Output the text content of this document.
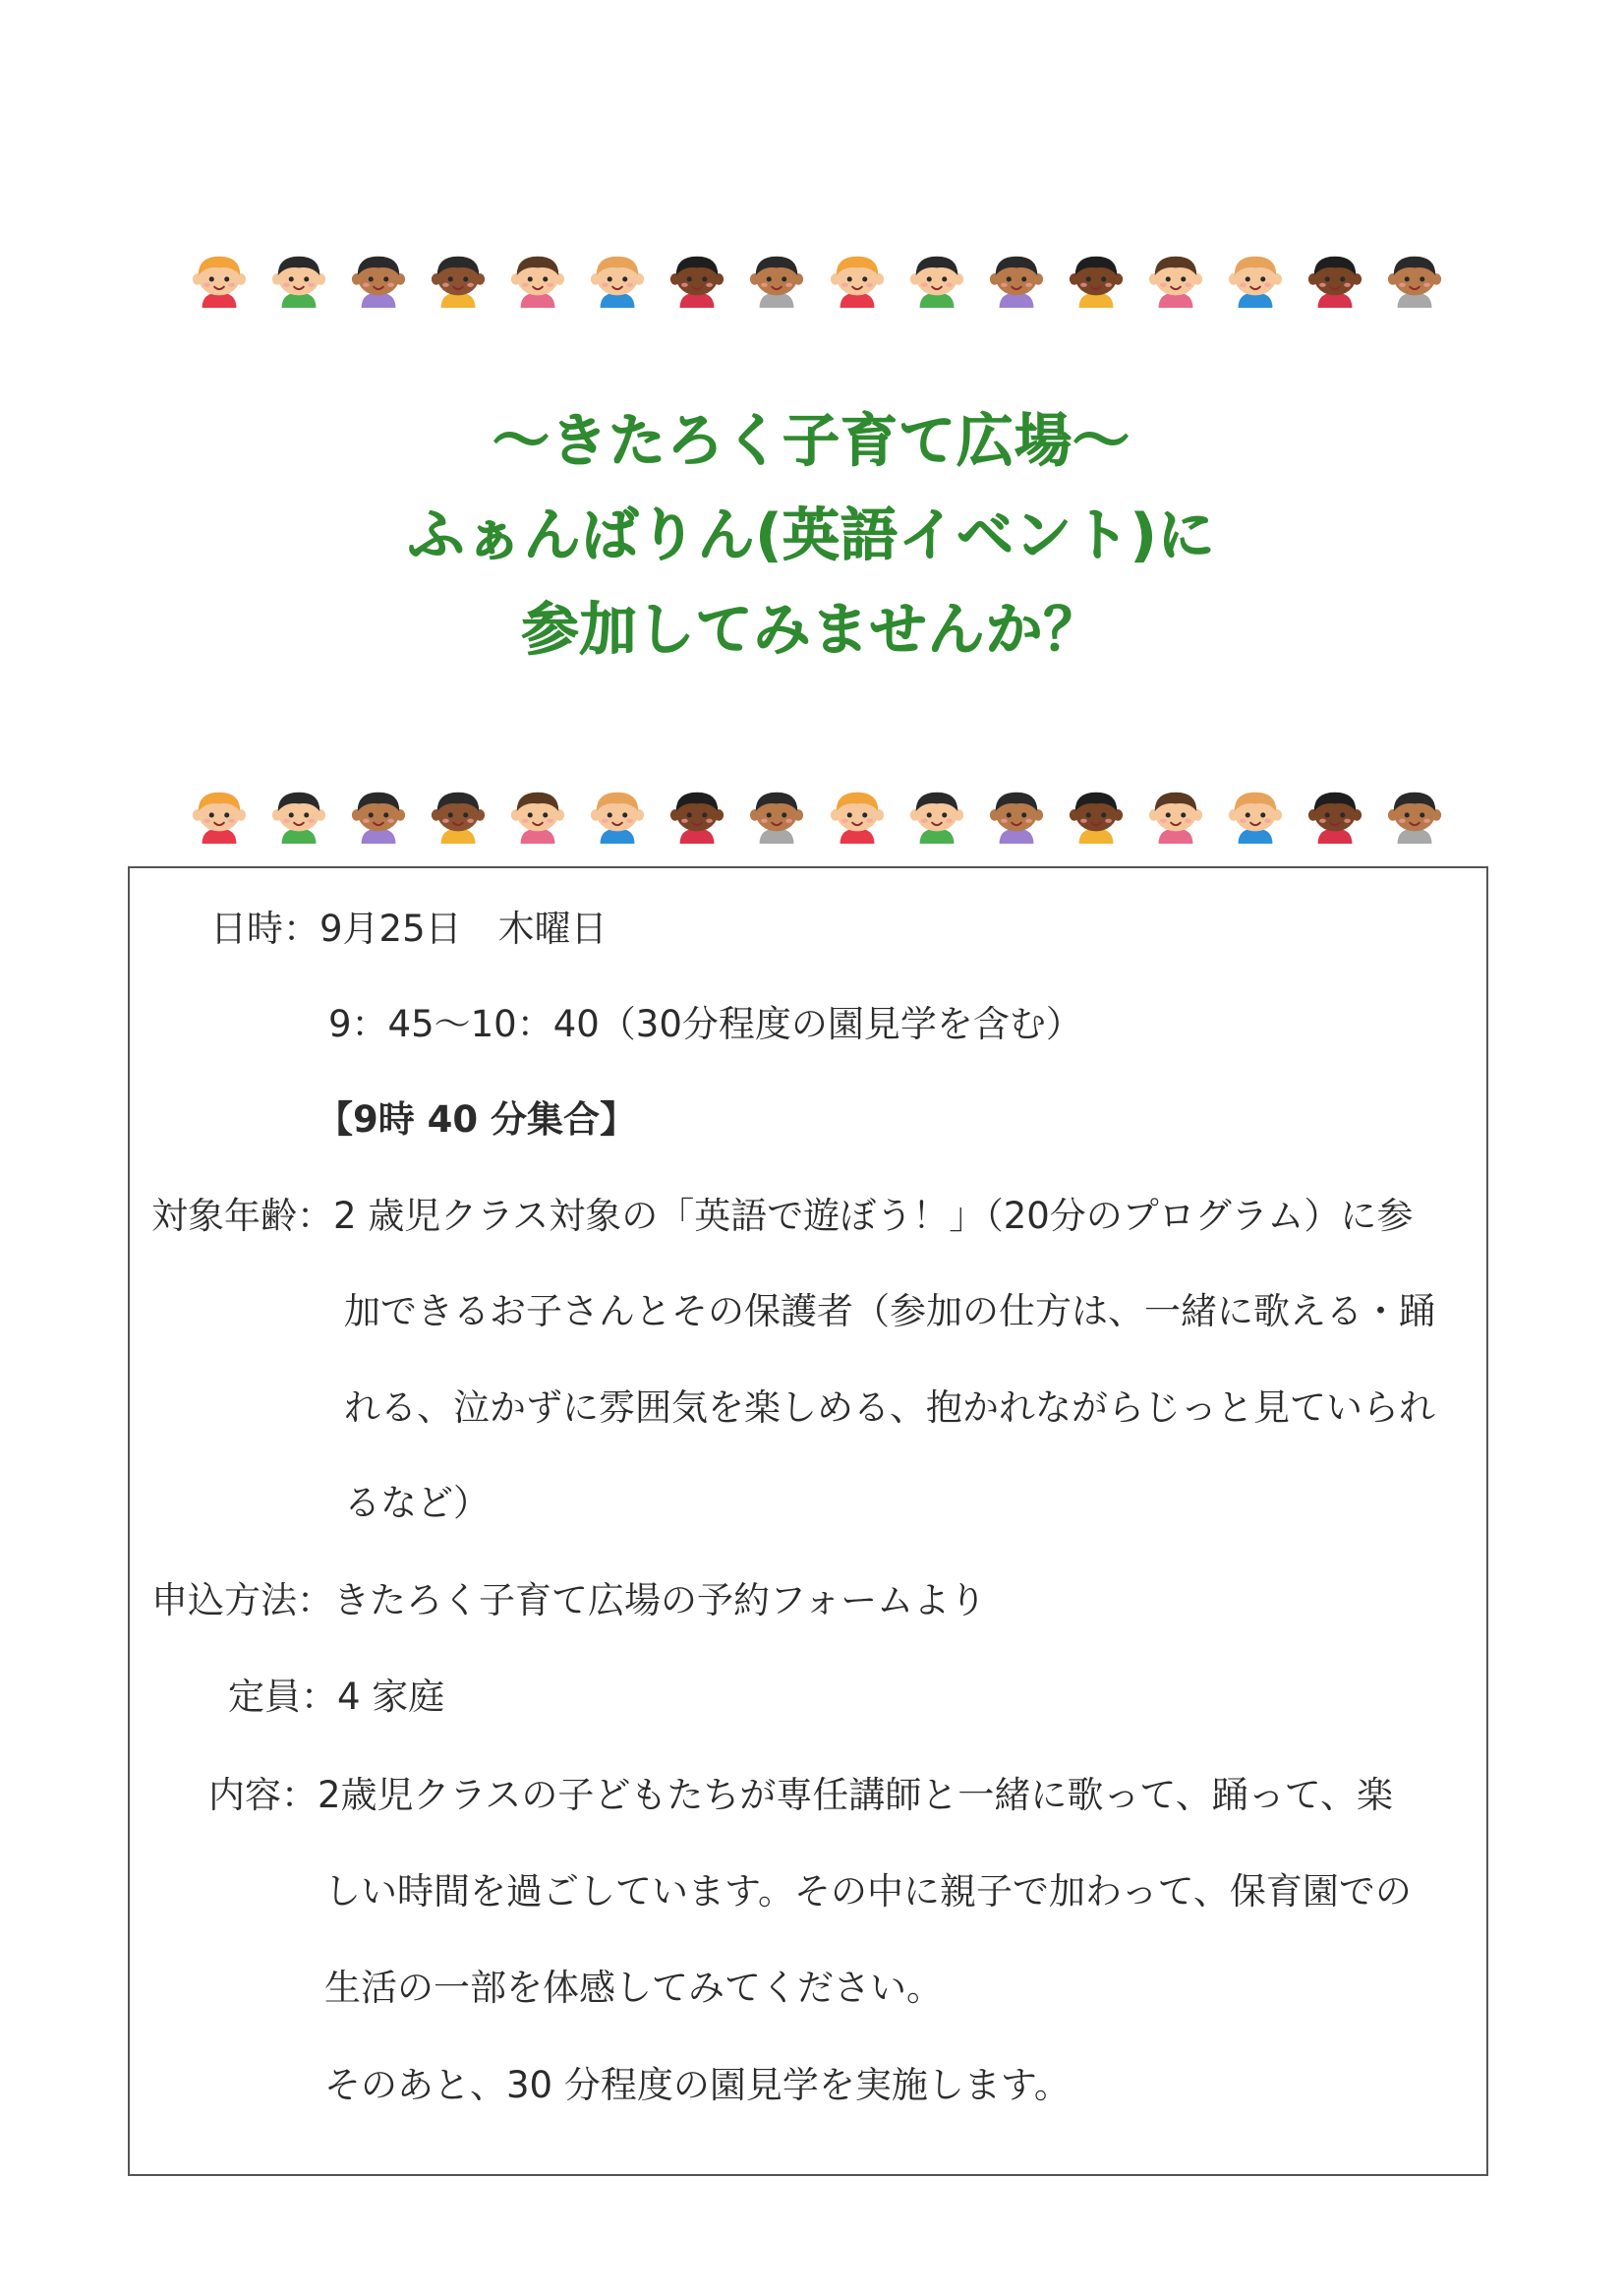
～きたろく子育て広場～
ふぁんばりん(英語イベント)に
参加してみませんか？
日時：9月25日　木曜日
9：45～10：40（30分程度の園見学を含む）
【9時 40 分集合】
対象年齢：2 歳児クラス対象の「英語で遊ぼう！」（20分のプログラム）に参
加できるお子さんとその保護者（参加の仕方は、一緒に歌える・踊
れる、泣かずに雰囲気を楽しめる、抱かれながらじっと見ていられ
るなど）
申込方法：きたろく子育て広場の予約フォームより
定員：4 家庭
内容：2歳児クラスの子どもたちが専任講師と一緒に歌って、踊って、楽
しい時間を過ごしています。その中に親子で加わって、保育園での
生活の一部を体感してみてください。
そのあと、30 分程度の園見学を実施します。
